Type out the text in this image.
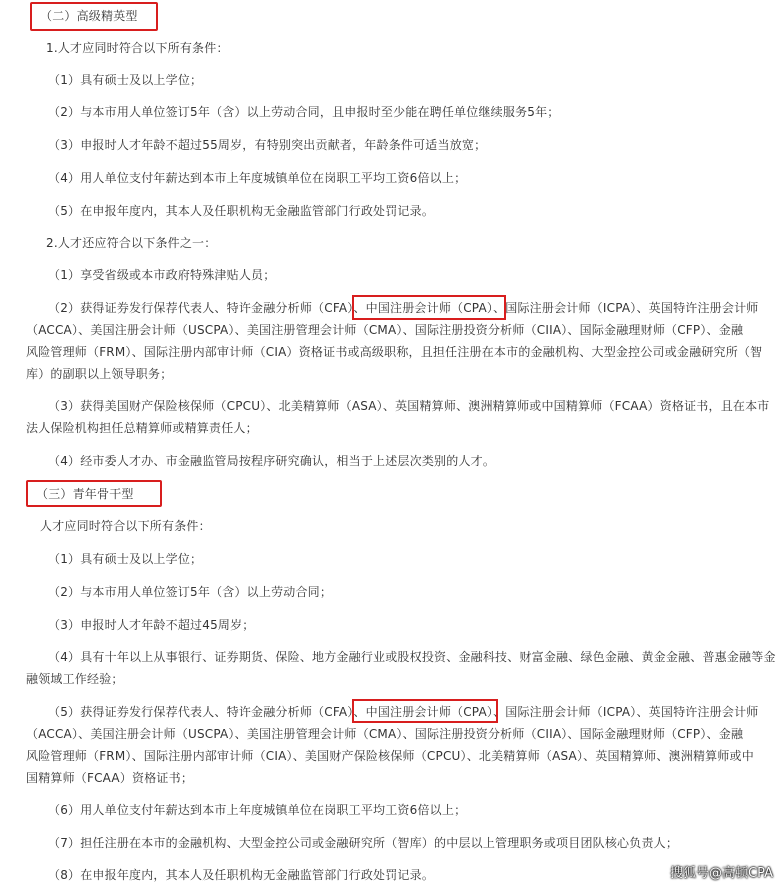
（二）高级精英型
1.人才应同时符合以下所有条件：
（1）具有硕士及以上学位；
（2）与本市用人单位签订5年（含）以上劳动合同，且申报时至少能在聘任单位继续服务5年；
（3）申报时人才年龄不超过55周岁，有特别突出贡献者，年龄条件可适当放宽；
（4）用人单位支付年薪达到本市上年度城镇单位在岗职工平均工资6倍以上；
（5）在申报年度内，其本人及任职机构无金融监管部门行政处罚记录。
2.人才还应符合以下条件之一：
（1）享受省级或本市政府特殊津贴人员；
（2）获得证券发行保荐代表人、特许金融分析师（CFA）、中国注册会计师（CPA）、国际注册会计师（ICPA）、英国特许注册会计师
（ACCA）、美国注册会计师（USCPA）、美国注册管理会计师（CMA）、国际注册投资分析师（CIIA）、国际金融理财师（CFP）、金融
风险管理师（FRM）、国际注册内部审计师（CIA）资格证书或高级职称，且担任注册在本市的金融机构、大型金控公司或金融研究所（智
库）的副职以上领导职务；
（3）获得美国财产保险核保师（CPCU）、北美精算师（ASA）、英国精算师、澳洲精算师或中国精算师（FCAA）资格证书，且在本市
法人保险机构担任总精算师或精算责任人；
（4）经市委人才办、市金融监管局按程序研究确认，相当于上述层次类别的人才。
（三）青年骨干型
人才应同时符合以下所有条件：
（1）具有硕士及以上学位；
（2）与本市用人单位签订5年（含）以上劳动合同；
（3）申报时人才年龄不超过45周岁；
（4）具有十年以上从事银行、证券期货、保险、地方金融行业或股权投资、金融科技、财富金融、绿色金融、黄金金融、普惠金融等金
融领域工作经验；
（5）获得证券发行保荐代表人、特许金融分析师（CFA）、中国注册会计师（CPA）、国际注册会计师（ICPA）、英国特许注册会计师
（ACCA）、美国注册会计师（USCPA）、美国注册管理会计师（CMA）、国际注册投资分析师（CIIA）、国际金融理财师（CFP）、金融
风险管理师（FRM）、国际注册内部审计师（CIA）、美国财产保险核保师（CPCU）、北美精算师（ASA）、英国精算师、澳洲精算师或中
国精算师（FCAA）资格证书；
（6）用人单位支付年薪达到本市上年度城镇单位在岗职工平均工资6倍以上；
（7）担任注册在本市的金融机构、大型金控公司或金融研究所（智库）的中层以上管理职务或项目团队核心负责人；
（8）在申报年度内，其本人及任职机构无金融监管部门行政处罚记录。	搜狐号@高顿CPA
